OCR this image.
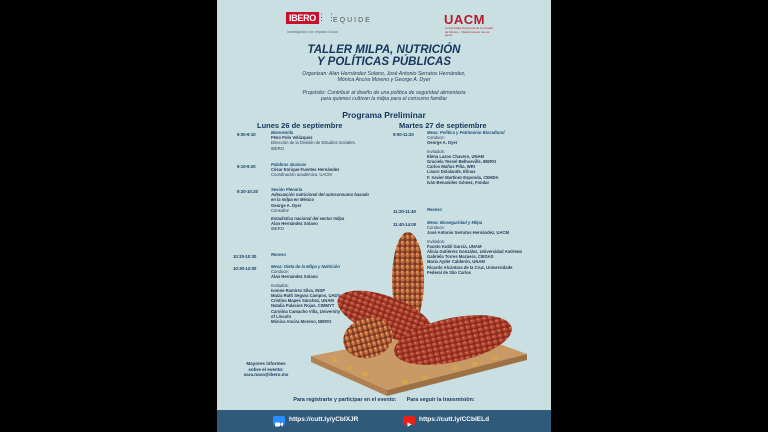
IBERO ⋮⋮
EQUIDE
Investigación con impacto Social
UACM
Universidad Autónoma de la Ciudad de México · Nada humano me es ajeno
TALLER MILPA, NUTRICIÓN
Y POLÍTICAS PÚBLICAS
Organizan: Alan Hernández Solano, José Antonio Serratos Hernández,
Mónica Ancira Moreno y George A. Dyer
Propósito: Contribuir al diseño de una política de seguridad alimentaria
para quienes cultivan la milpa para el consumo familiar
Programa Preliminar
Lunes 26 de septiembre
9:00-9:10	Bienvenida
Fëno Polo Velázquez
Dirección de la División de Estudios Sociales,
IBERO
9:10-9:20	Palabras alusivas
César Enrique Fuentes Hernández
Coordinación académica, UACM
9:20-10:20	Sesión Plenaria
Adecuación nutricional del autoconsumo basado
en la milpa en México
George A. Dyer
Consultor
Estadística nacional del sector milpa
Alan Hernández Solano
IBERO
10:20-10:30	Receso
10:30-12:00	Mesa: Dieta de la Milpa y Nutrición
Conduce:
Alan Hernández Solano
Invitados:
Ivonne Ramírez Silva, INSP
Maiza Ruth Segura Campos, UADY
Cristina Mapes Sánchez, UNAM
Natalia Palacios Rojas, CIMMYT
Carolina Camacho Villa, University
of Lincoln
Mónica Ancira Moreno, IBERO
Martes 27 de septiembre
9:00-11:20	Mesa: Política y Patrimonio Biocultural
Conduce:
George A. Dyer
Invitados:
Elena Lazos Chavero, UNAM
Graciela Tessel Belhoeville, IBERO
Carlos Muñoz Piña, WRI
Lisaro Dolalande, Elinux
F. Xavier Martínez Esponda, CEMDA
Iván Benavides Gómez, Fondar
11:20-11:40	Receso
11:40-14:00	Mesa: Bioseguridad y Milpa
Conduce:
José Antonio Serratos Hernández, UACM
Invitados:
Fausto Kubli García, UNAM
Alicia Gutiérrez González, Universidad Andrews
Gabriela Torres Mazuera, CIESAS
María Ayder Calderón, UNAM
Ricardo Alcántara de la Cruz, Universidade
Federal de São Carlos
Mayores informes
sobre el evento:
sara.nava@ibero.mx
Para registrarte y participar en el evento:       Para seguir la transmisión:
https://cutt.ly/yCbIXJR	https://cutt.ly/CCbIELd
